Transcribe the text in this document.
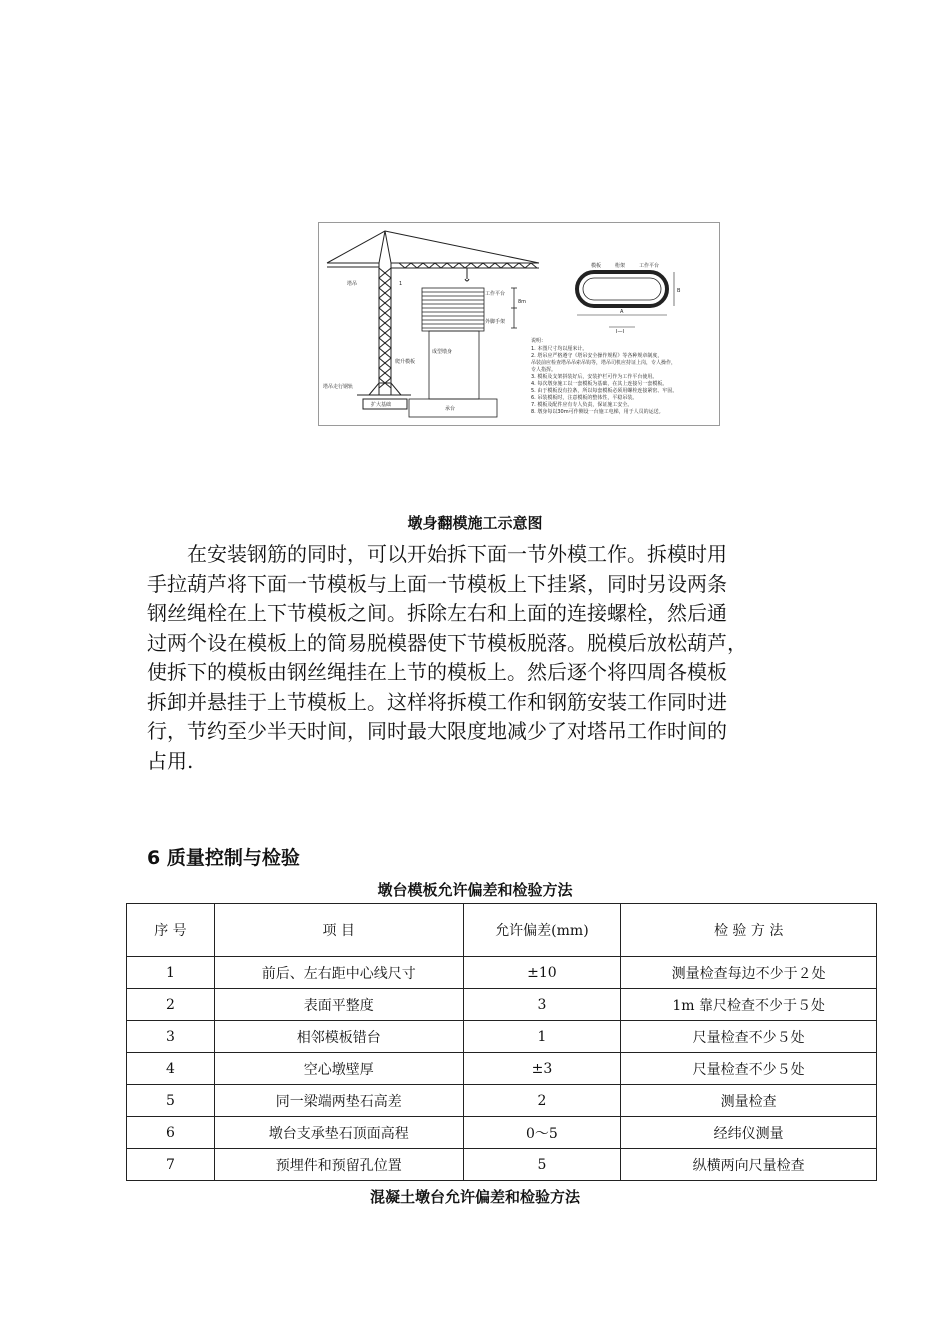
塔吊
爬升模板
工作平台
外脚手架
成型墩身
承台
塔吊走行钢轨
扩大基础
1
8m
模板	桁架	工作平台
B
A
I—I
说明：
1. 本图尺寸均以厘米计。
2. 塔吊应严格遵守《塔吊安全操作规程》等各种规章制度，
吊装前应检查塔吊吊索吊钩等，塔吊司机应持证上岗，专人操作，
专人指挥。
3. 模板及支架拼装好后，安装护栏可作为工作平台使用。
4. 每次墩身施工以一套模板为基础，在其上连接另一套模板。
5. 由于模板没有拉条，所以每套模板必须用螺栓连接紧密、牢固。
6. 吊装模板时，注意模板的整体性，平稳吊装。
7. 模板及配件应有专人负责，保证施工安全。
8. 墩身每以30m可作侧设一台施工电梯，用于人员的运送。
墩身翻模施工示意图

在安装钢筋的同时，可以开始拆下面一节外模工作。拆模时用
手拉葫芦将下面一节模板与上面一节模板上下挂紧，同时另设两条
钢丝绳栓在上下节模板之间。拆除左右和上面的连接螺栓，然后通
过两个设在模板上的简易脱模器使下节模板脱落。脱模后放松葫芦，
使拆下的模板由钢丝绳挂在上节的模板上。然后逐个将四周各模板
拆卸并悬挂于上节模板上。这样将拆模工作和钢筋安装工作同时进
行，节约至少半天时间，同时最大限度地减少了对塔吊工作时间的
占用.

6 质量控制与检验
墩台模板允许偏差和检验方法
序 号	项 目	允许偏差(mm)	检 验 方 法
1	前后、左右距中心线尺寸	±10	测量检查每边不少于２处
2	表面平整度	3	1m 靠尺检查不少于５处
3	相邻模板错台	1	尺量检查不少５处
4	空心墩壁厚	±3	尺量检查不少５处
5	同一梁端两垫石高差	2	测量检查
6	墩台支承垫石顶面高程	0～5	经纬仪测量
7	预埋件和预留孔位置	5	纵横两向尺量检查
混凝土墩台允许偏差和检验方法
